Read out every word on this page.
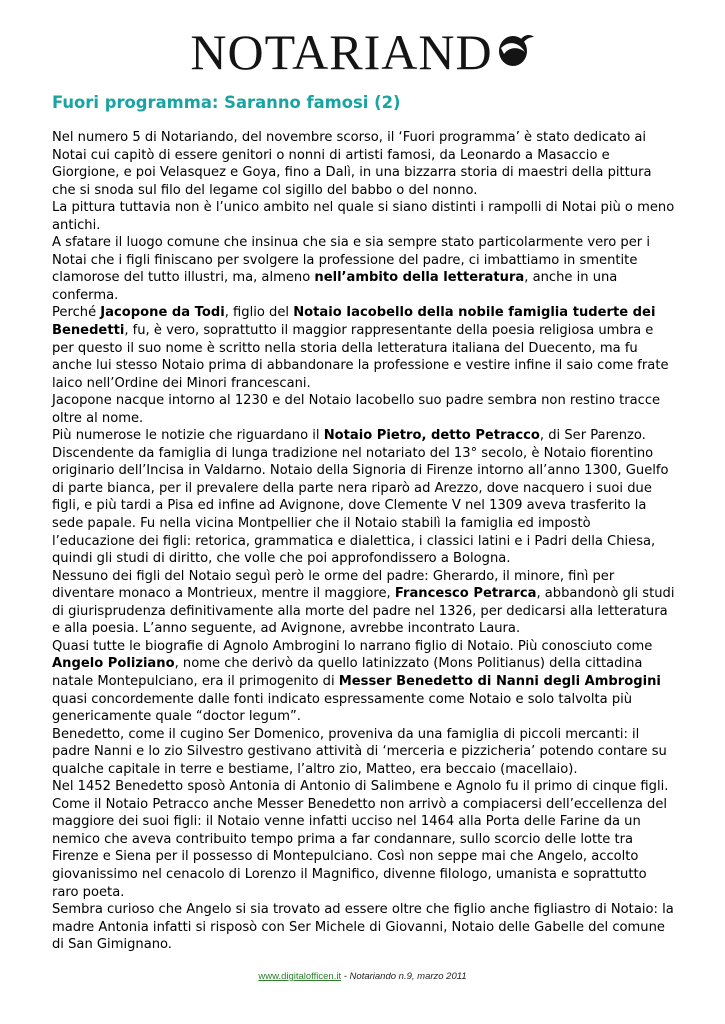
NOTARIAND
Fuori programma: Saranno famosi (2)

Nel numero 5 di Notariando, del novembre scorso, il ‘Fuori programma’ è stato dedicato ai Notai cui capitò di essere genitori o nonni di artisti famosi, da Leonardo a Masaccio e Giorgione, e poi Velasquez e Goya, fino a Dalì, in una bizzarra storia di maestri della pittura che si snoda sul filo del legame col sigillo del babbo o del nonno.

La pittura tuttavia non è l’unico ambito nel quale si siano distinti i rampolli di Notai più o meno antichi.

A sfatare il luogo comune che insinua che sia e sia sempre stato particolarmente vero per i Notai che i figli finiscano per svolgere la professione del padre, ci imbattiamo in smentite clamorose del tutto illustri, ma, almeno nell’ambito della letteratura, anche in una conferma.

Perché Jacopone da Todi, figlio del Notaio Iacobello della nobile famiglia tuderte dei Benedetti, fu, è vero, soprattutto il maggior rappresentante della poesia religiosa umbra e per questo il suo nome è scritto nella storia della letteratura italiana del Duecento, ma fu anche lui stesso Notaio prima di abbandonare la professione e vestire infine il saio come frate laico nell’Ordine dei Minori francescani.

Jacopone nacque intorno al 1230 e del Notaio Iacobello suo padre sembra non restino tracce oltre al nome.

Più numerose le notizie che riguardano il Notaio Pietro, detto Petracco, di Ser Parenzo. Discendente da famiglia di lunga tradizione nel notariato del 13° secolo, è Notaio fiorentino originario dell’Incisa in Valdarno. Notaio della Signoria di Firenze intorno all’anno 1300, Guelfo di parte bianca, per il prevalere della parte nera riparò ad Arezzo, dove nacquero i suoi due figli, e più tardi a Pisa ed infine ad Avignone, dove Clemente V nel 1309 aveva trasferito la sede papale. Fu nella vicina Montpellier che il Notaio stabilì la famiglia ed impostò l’educazione dei figli: retorica, grammatica e dialettica, i classici latini e i Padri della Chiesa, quindi gli studi di diritto, che volle che poi approfondissero a Bologna.

Nessuno dei figli del Notaio seguì però le orme del padre: Gherardo, il minore, finì per diventare monaco a Montrieux, mentre il maggiore, Francesco Petrarca, abbandonò gli studi di giurisprudenza definitivamente alla morte del padre nel 1326, per dedicarsi alla letteratura e alla poesia. L’anno seguente, ad Avignone, avrebbe incontrato Laura.

Quasi tutte le biografie di Agnolo Ambrogini lo narrano figlio di Notaio. Più conosciuto come Angelo Poliziano, nome che derivò da quello latinizzato (Mons Politianus) della cittadina natale Montepulciano, era il primogenito di Messer Benedetto di Nanni degli Ambrogini quasi concordemente dalle fonti indicato espressamente come Notaio e solo talvolta più genericamente quale “doctor legum”.

Benedetto, come il cugino Ser Domenico, proveniva da una famiglia di piccoli mercanti: il padre Nanni e lo zio Silvestro gestivano attività di ‘merceria e pizzicheria’ potendo contare su qualche capitale in terre e bestiame, l’altro zio, Matteo, era beccaio (macellaio).

Nel 1452 Benedetto sposò Antonia di Antonio di Salimbene e Agnolo fu il primo di cinque figli.

Come il Notaio Petracco anche Messer Benedetto non arrivò a compiacersi dell’eccellenza del maggiore dei suoi figli: il Notaio venne infatti ucciso nel 1464 alla Porta delle Farine da un nemico che aveva contribuito tempo prima a far condannare, sullo scorcio delle lotte tra Firenze e Siena per il possesso di Montepulciano. Così non seppe mai che Angelo, accolto giovanissimo nel cenacolo di Lorenzo il Magnifico, divenne filologo, umanista e soprattutto raro poeta.

Sembra curioso che Angelo si sia trovato ad essere oltre che figlio anche figliastro di Notaio: la madre Antonia infatti si risposò con Ser Michele di Giovanni, Notaio delle Gabelle del comune di San Gimignano.

www.digitalofficen.it - Notariando n.9, marzo 2011
